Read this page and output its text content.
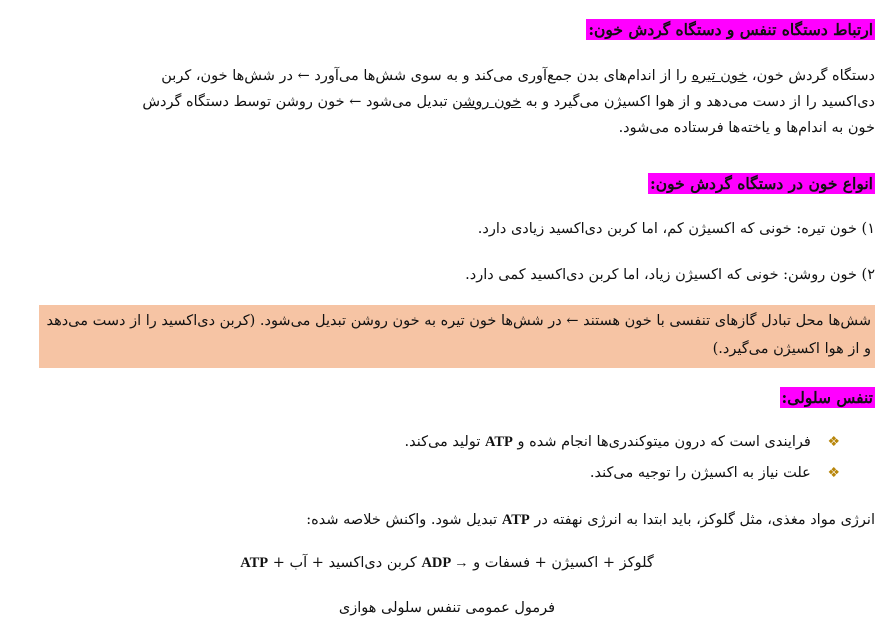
ارتباط دستگاه تنفس و دستگاه گردش خون:
دستگاه گردش خون، خون تیره را از اندام‌های بدن جمع‌آوری می‌کند و به سوی شش‌ها می‌آورد ← در شش‌ها خون، کربن
دی‌اکسید را از دست می‌دهد و از هوا اکسیژن می‌گیرد و به خون روشن تبدیل می‌شود ← خون روشن توسط دستگاه گردش
خون به اندام‌ها و یاخته‌ها فرستاده می‌شود.
انواع خون در دستگاه گردش خون:
۱) خون تیره: خونی که اکسیژن کم، اما کربن دی‌اکسید زیادی دارد.
۲) خون روشن: خونی که اکسیژن زیاد، اما کربن دی‌اکسید کمی دارد.
شش‌ها محل تبادل گازهای تنفسی با خون هستند ← در شش‌ها خون تیره به خون روشن تبدیل می‌شود. (کربن دی‌اکسید را از دست می‌دهد و از هوا اکسیژن می‌گیرد.)
تنفس سلولی:
❖ فرایندی است که درون میتوکندری‌ها انجام شده و ATP تولید می‌کند.
❖ علت نیاز به اکسیژن را توجیه می‌کند.
انرژی مواد مغذی، مثل گلوکز، باید ابتدا به انرژی نهفته در ATP تبدیل شود. واکنش خلاصه شده:
گلوکز + اکسیژن + فسفات و ADP → کربن دی‌اکسید + آب + ATP
فرمول عمومی تنفس سلولی هوازی
